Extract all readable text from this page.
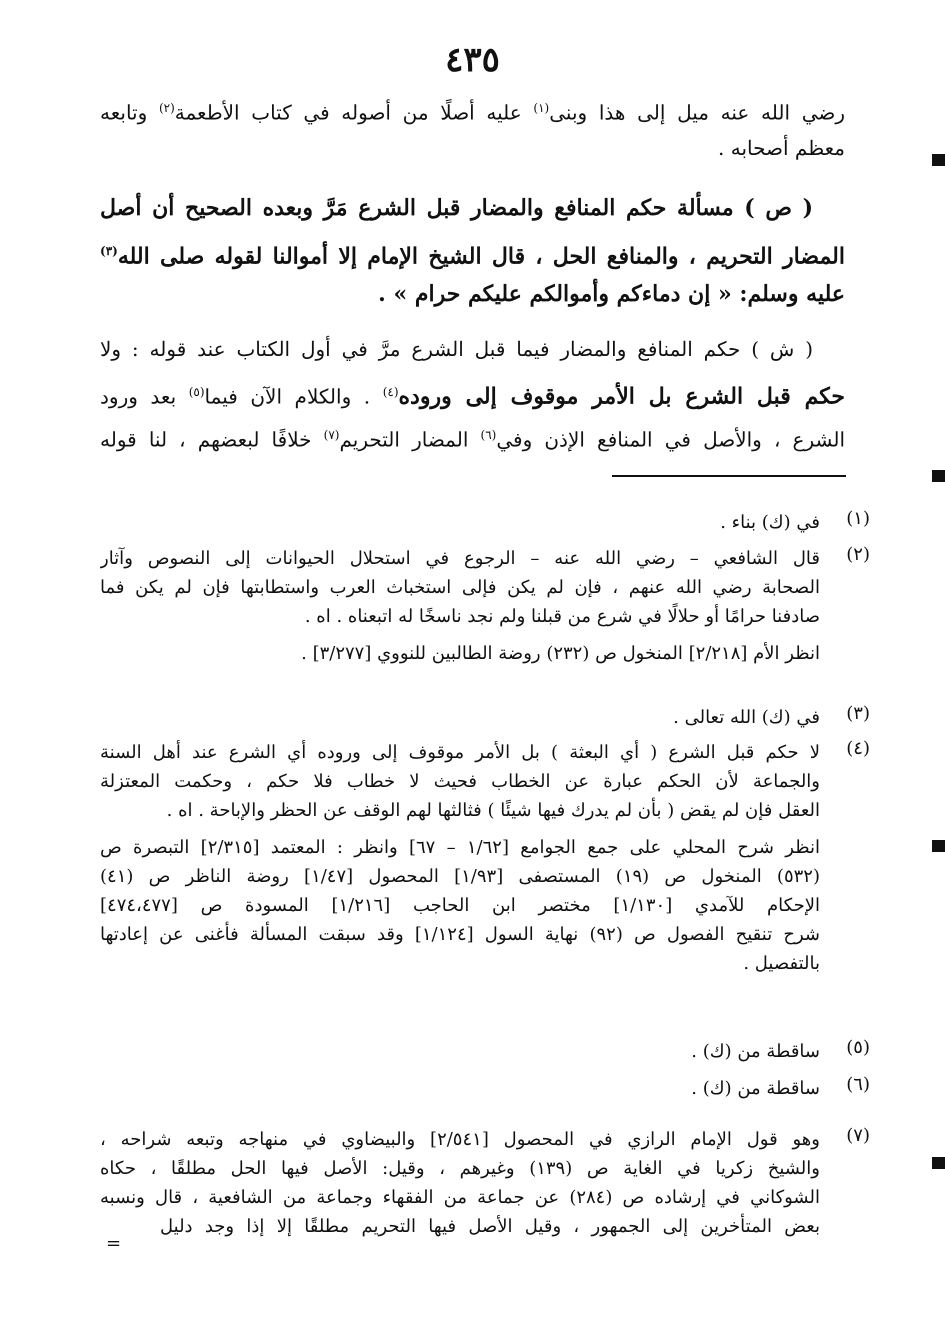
٤٣٥
رضي الله عنه ميل إلى هذا وبنى$^{(١)}$ عليه أصلًا من أصوله في كتاب الأطعمة$^{(٢)}$ وتابعه
معظم أصحابه .
( ص ) مسألة حكم المنافع والمضار قبل الشرع مَرَّ وبعده الصحيح أن أصل
المضار التحريم ، والمنافع الحل ، قال الشيخ الإمام إلا أموالنا لقوله صلى الله$^{(٣)}$
عليه وسلم: « إن دماءكم وأموالكم عليكم حرام » .
( ش ) حكم المنافع والمضار فيما قبل الشرع مرَّ في أول الكتاب عند قوله : ولا
حكم قبل الشرع بل الأمر موقوف إلى وروده$^{(٤)}$ . والكلام الآن فيما$^{(٥)}$ بعد ورود
الشرع ، والأصل في المنافع الإذن وفي$^{(٦)}$ المضار التحريم$^{(٧)}$ خلافًا لبعضهم ، لنا قوله
(١)
في (ك) بناء .
(٢)
قال الشافعي – رضي الله عنه – الرجوع في استحلال الحيوانات إلى النصوص وآثار
الصحابة رضي الله عنهم ، فإن لم يكن فإلى استخباث العرب واستطابتها فإن لم يكن فما
صادفنا حرامًا أو حلالًا في شرع من قبلنا ولم نجد ناسخًا له اتبعناه . اه .
انظر الأم [٢/٢١٨] المنخول ص (٢٣٢) روضة الطالبين للنووي [٣/٢٧٧] .
(٣)
في (ك) الله تعالى .
(٤)
لا حكم قبل الشرع ( أي البعثة ) بل الأمر موقوف إلى وروده أي الشرع عند أهل السنة
والجماعة لأن الحكم عبارة عن الخطاب فحيث لا خطاب فلا حكم ، وحكمت المعتزلة
العقل فإن لم يقض ( بأن لم يدرك فيها شيئًا ) فثالثها لهم الوقف عن الحظر والإباحة . اه .
انظر شرح المحلي على جمع الجوامع [١/٦٢ – ٦٧] وانظر : المعتمد [٢/٣١٥] التبصرة ص
(٥٣٢) المنخول ص (١٩) المستصفى [١/٩٣] المحصول [١/٤٧] روضة الناظر ص (٤١)
الإحكام للآمدي [١/١٣٠] مختصر ابن الحاجب [١/٢١٦] المسودة ص [٤٧٤،٤٧٧]
شرح تنقيح الفصول ص (٩٢) نهاية السول [١/١٢٤] وقد سبقت المسألة فأغنى عن إعادتها
بالتفصيل .
(٥)
ساقطة من (ك) .
(٦)
ساقطة من (ك) .
(٧)
وهو قول الإمام الرازي في المحصول [٢/٥٤١] والبيضاوي في منهاجه وتبعه شراحه ،
والشيخ زكريا في الغاية ص (١٣٩) وغيرهم ، وقيل: الأصل فيها الحل مطلقًا ، حكاه
الشوكاني في إرشاده ص (٢٨٤) عن جماعة من الفقهاء وجماعة من الشافعية ، قال ونسبه
بعض المتأخرين إلى الجمهور ، وقيل الأصل فيها التحريم مطلقًا إلا إذا وجد دليل
=
